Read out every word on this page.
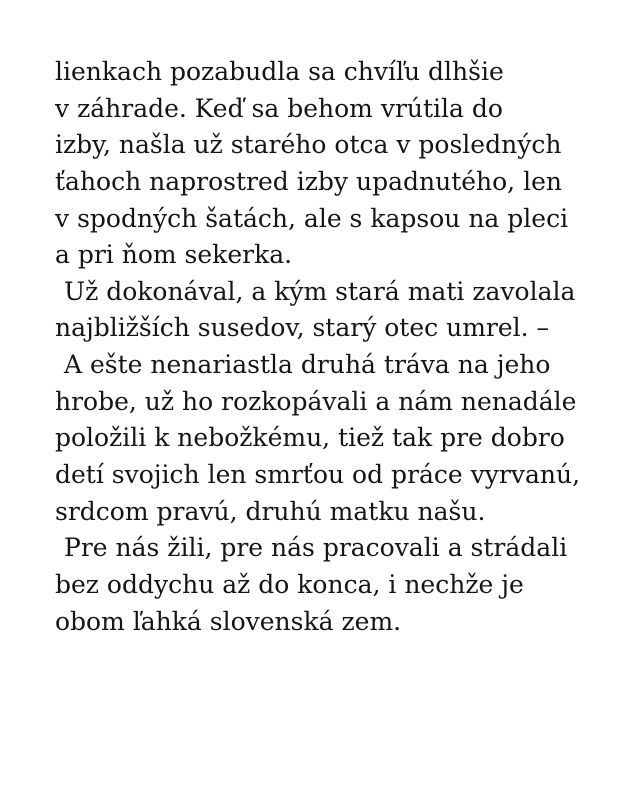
lienkach pozabudla sa chvíľu dlhšie

v záhrade. Keď sa behom vrútila do

izby, našla už starého otca v posledných

ťahoch naprostred izby upadnutého, len

v spodných šatách, ale s kapsou na pleci

a pri ňom sekerka.

Už dokonával, a kým stará mati zavolala

najbližších susedov, starý otec umrel. –

A ešte nenariastla druhá tráva na jeho

hrobe, už ho rozkopávali a nám nenadále

položili k nebožkému, tiež tak pre dobro

detí svojich len smrťou od práce vyrvanú,

srdcom pravú, druhú matku našu.

Pre nás žili, pre nás pracovali a strádali

bez oddychu až do konca, i nechže je

obom ľahká slovenská zem.
